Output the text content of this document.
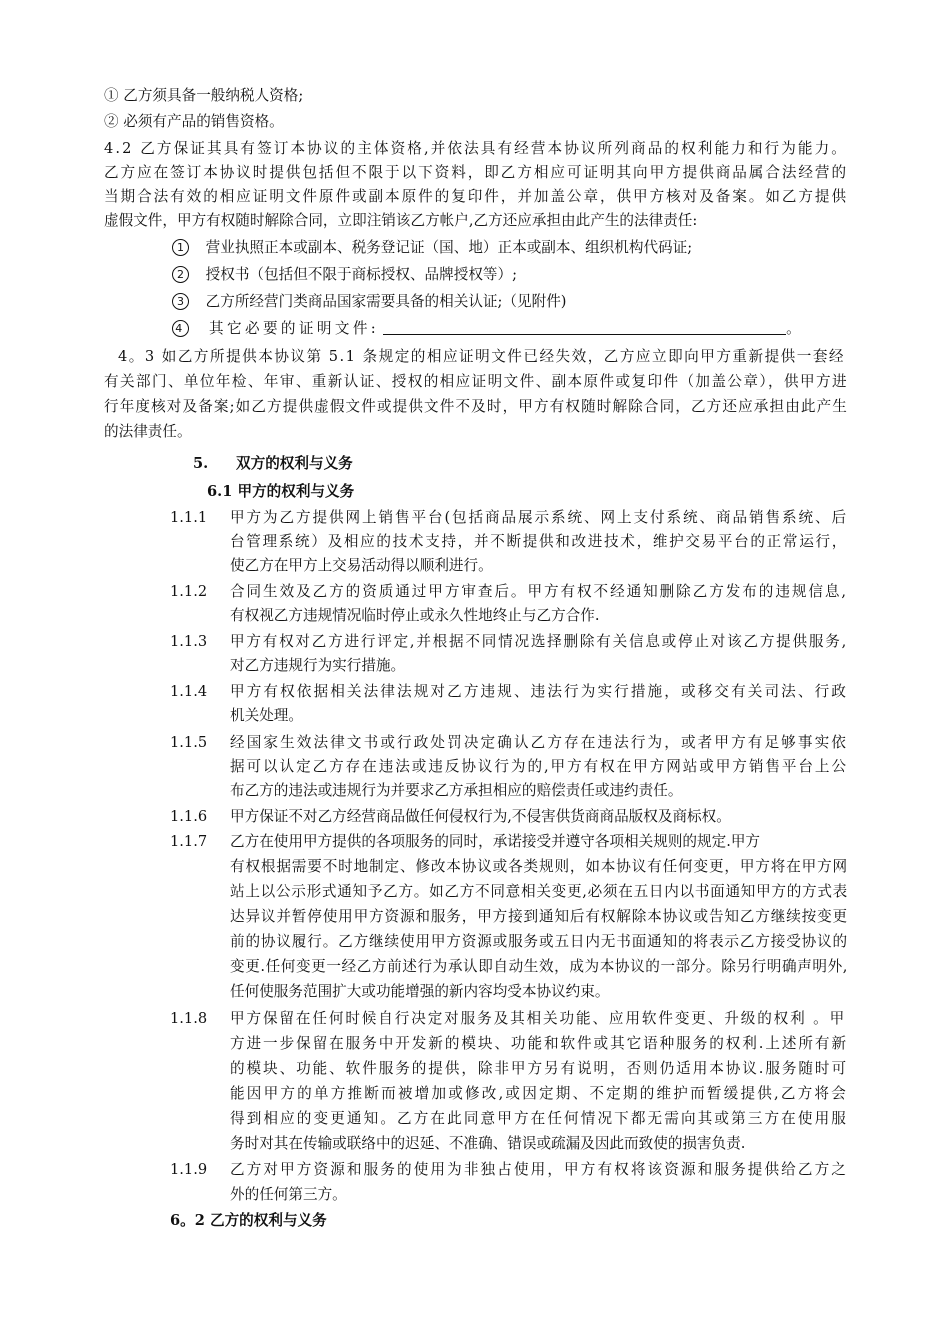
① 乙方须具备一般纳税人资格;
② 必须有产品的销售资格。
4.2 乙方保证其具有签订本协议的主体资格,并依法具有经营本协议所列商品的权利能力和行为能力。
乙方应在签订本协议时提供包括但不限于以下资料，即乙方相应可证明其向甲方提供商品属合法经营的
当期合法有效的相应证明文件原件或副本原件的复印件，并加盖公章，供甲方核对及备案。如乙方提供
虚假文件，甲方有权随时解除合同，立即注销该乙方帐户,乙方还应承担由此产生的法律责任:
1 营业执照正本或副本、税务登记证（国、地）正本或副本、组织机构代码证;
2 授权书（包括但不限于商标授权、品牌授权等）;
3 乙方所经营门类商品国家需要具备的相关认证;（见附件)
4 其它必要的证明文件:	。
4。3 如乙方所提供本协议第 5.1 条规定的相应证明文件已经失效，乙方应立即向甲方重新提供一套经
有关部门、单位年检、年审、重新认证、授权的相应证明文件、副本原件或复印件（加盖公章），供甲方进
行年度核对及备案;如乙方提供虚假文件或提供文件不及时，甲方有权随时解除合同，乙方还应承担由此产生
的法律责任。
5. 双方的权利与义务
6.1 甲方的权利与义务
1.1.1 甲方为乙方提供网上销售平台(包括商品展示系统、网上支付系统、商品销售系统、后
台管理系统）及相应的技术支持，并不断提供和改进技术，维护交易平台的正常运行，
使乙方在甲方上交易活动得以顺利进行。
1.1.2 合同生效及乙方的资质通过甲方审查后。甲方有权不经通知删除乙方发布的违规信息,
有权视乙方违规情况临时停止或永久性地终止与乙方合作.
1.1.3 甲方有权对乙方进行评定,并根据不同情况选择删除有关信息或停止对该乙方提供服务,
对乙方违规行为实行措施。
1.1.4 甲方有权依据相关法律法规对乙方违规、违法行为实行措施，或移交有关司法、行政
机关处理。
1.1.5 经国家生效法律文书或行政处罚决定确认乙方存在违法行为，或者甲方有足够事实依
据可以认定乙方存在违法或违反协议行为的,甲方有权在甲方网站或甲方销售平台上公
布乙方的违法或违规行为并要求乙方承担相应的赔偿责任或违约责任。
1.1.6 甲方保证不对乙方经营商品做任何侵权行为,不侵害供货商商品版权及商标权。
1.1.7 乙方在使用甲方提供的各项服务的同时，承诺接受并遵守各项相关规则的规定.甲方
有权根据需要不时地制定、修改本协议或各类规则，如本协议有任何变更，甲方将在甲方网
站上以公示形式通知予乙方。如乙方不同意相关变更,必须在五日内以书面通知甲方的方式表
达异议并暂停使用甲方资源和服务，甲方接到通知后有权解除本协议或告知乙方继续按变更
前的协议履行。乙方继续使用甲方资源或服务或五日内无书面通知的将表示乙方接受协议的
变更.任何变更一经乙方前述行为承认即自动生效，成为本协议的一部分。除另行明确声明外,
任何使服务范围扩大或功能增强的新内容均受本协议约束。
1.1.8 甲方保留在任何时候自行决定对服务及其相关功能、应用软件变更、升级的权利 。甲
方进一步保留在服务中开发新的模块、功能和软件或其它语种服务的权利.上述所有新
的模块、功能、软件服务的提供，除非甲方另有说明，否则仍适用本协议.服务随时可
能因甲方的单方推断而被增加或修改,或因定期、不定期的维护而暂缓提供,乙方将会
得到相应的变更通知。乙方在此同意甲方在任何情况下都无需向其或第三方在使用服
务时对其在传输或联络中的迟延、不准确、错误或疏漏及因此而致使的损害负责.
1.1.9 乙方对甲方资源和服务的使用为非独占使用，甲方有权将该资源和服务提供给乙方之
外的任何第三方。
6。2 乙方的权利与义务
